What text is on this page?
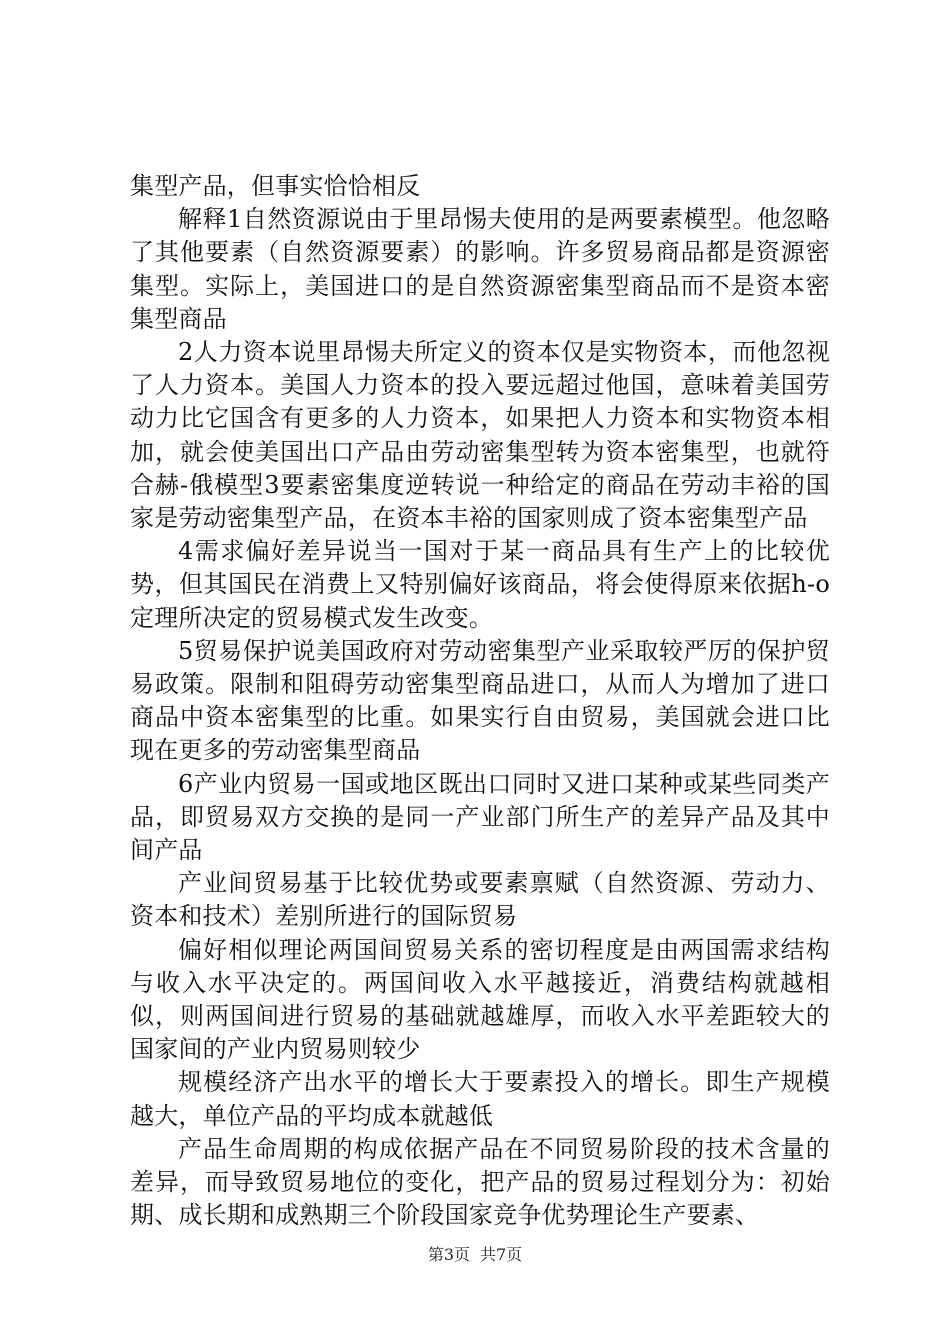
集型产品，但事实恰恰相反

解释1自然资源说由于里昂惕夫使用的是两要素模型。他忽略了其他要素（自然资源要素）的影响。许多贸易商品都是资源密集型。实际上，美国进口的是自然资源密集型商品而不是资本密集型商品

2人力资本说里昂惕夫所定义的资本仅是实物资本，而他忽视了人力资本。美国人力资本的投入要远超过他国，意味着美国劳动力比它国含有更多的人力资本，如果把人力资本和实物资本相加，就会使美国出口产品由劳动密集型转为资本密集型，也就符合赫-俄模型3要素密集度逆转说一种给定的商品在劳动丰裕的国家是劳动密集型产品，在资本丰裕的国家则成了资本密集型产品

4需求偏好差异说当一国对于某一商品具有生产上的比较优势，但其国民在消费上又特别偏好该商品，将会使得原来依据h-o定理所决定的贸易模式发生改变。

5贸易保护说美国政府对劳动密集型产业采取较严厉的保护贸易政策。限制和阻碍劳动密集型商品进口，从而人为增加了进口商品中资本密集型的比重。如果实行自由贸易，美国就会进口比现在更多的劳动密集型商品

6产业内贸易一国或地区既出口同时又进口某种或某些同类产品，即贸易双方交换的是同一产业部门所生产的差异产品及其中间产品

产业间贸易基于比较优势或要素禀赋（自然资源、劳动力、资本和技术）差别所进行的国际贸易

偏好相似理论两国间贸易关系的密切程度是由两国需求结构与收入水平决定的。两国间收入水平越接近，消费结构就越相似，则两国间进行贸易的基础就越雄厚，而收入水平差距较大的国家间的产业内贸易则较少

规模经济产出水平的增长大于要素投入的增长。即生产规模越大，单位产品的平均成本就越低

产品生命周期的构成依据产品在不同贸易阶段的技术含量的差异，而导致贸易地位的变化，把产品的贸易过程划分为：初始期、成长期和成熟期三个阶段国家竞争优势理论生产要素、

第3页 共7页
